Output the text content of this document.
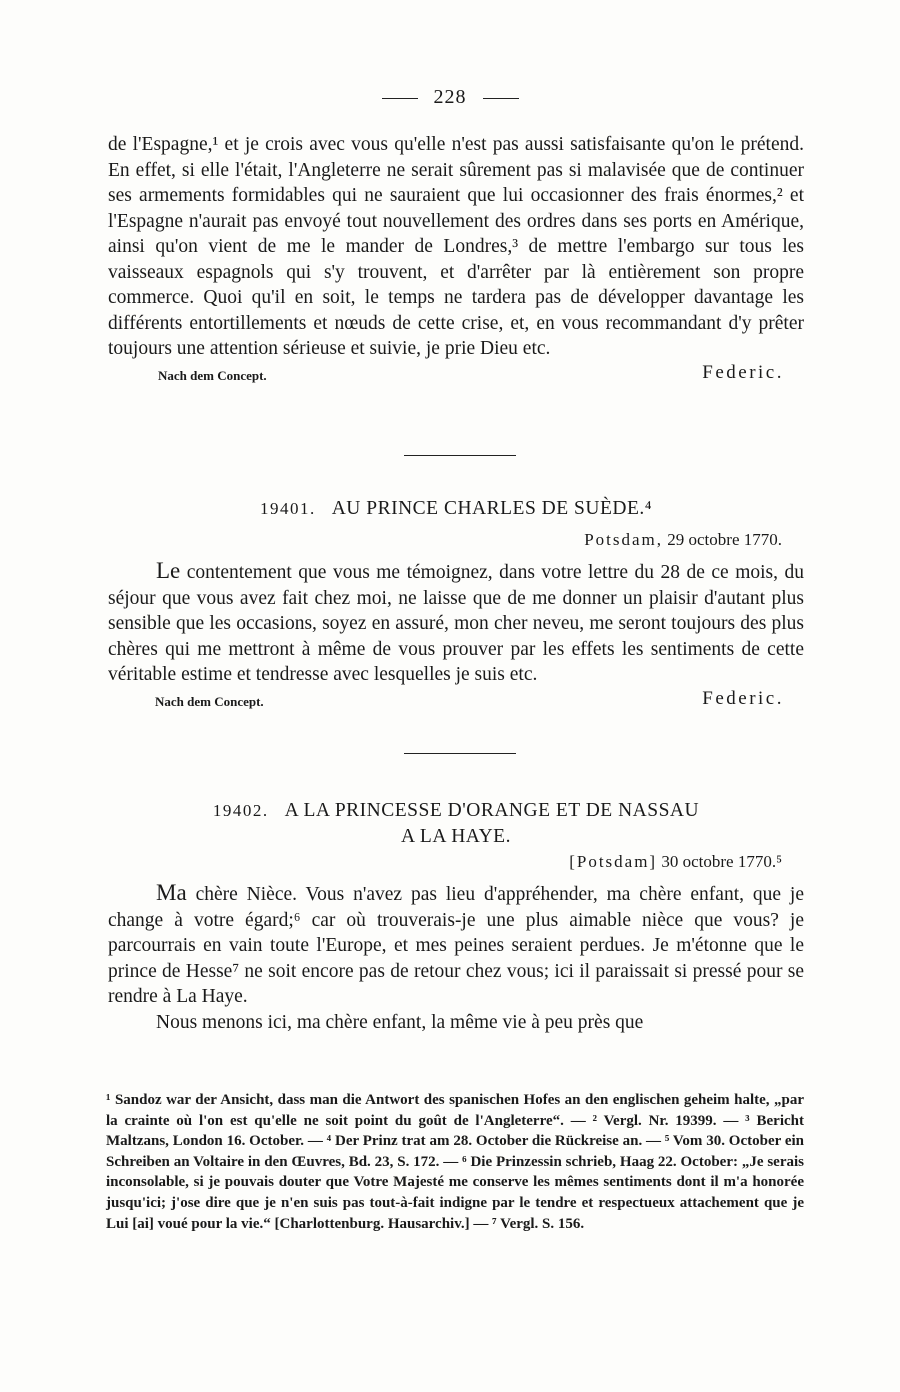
228

de l'Espagne,¹ et je crois avec vous qu'elle n'est pas aussi satisfaisante qu'on le prétend. En effet, si elle l'était, l'Angleterre ne serait sûrement pas si malavisée que de continuer ses armements formidables qui ne sauraient que lui occasionner des frais énormes,² et l'Espagne n'aurait pas envoyé tout nouvellement des ordres dans ses ports en Amérique, ainsi qu'on vient de me le mander de Londres,³ de mettre l'embargo sur tous les vaisseaux espagnols qui s'y trouvent, et d'arrêter par là entièrement son propre commerce. Quoi qu'il en soit, le temps ne tardera pas de développer davantage les différents entortillements et nœuds de cette crise, et, en vous recommandant d'y prêter toujours une attention sérieuse et suivie, je prie Dieu etc.

Nach dem Concept.	Federic.
19401. AU PRINCE CHARLES DE SUÈDE.⁴
Potsdam, 29 octobre 1770.

Le contentement que vous me témoignez, dans votre lettre du 28 de ce mois, du séjour que vous avez fait chez moi, ne laisse que de me donner un plaisir d'autant plus sensible que les occasions, soyez en assuré, mon cher neveu, me seront toujours des plus chères qui me mettront à même de vous prouver par les effets les sentiments de cette véritable estime et tendresse avec lesquelles je suis etc.

Nach dem Concept.	Federic.
19402. A LA PRINCESSE D'ORANGE ET DE NASSAU
A LA HAYE.
[Potsdam] 30 octobre 1770.⁵

Ma chère Nièce. Vous n'avez pas lieu d'appréhender, ma chère enfant, que je change à votre égard;⁶ car où trouverais-je une plus aimable nièce que vous? je parcourrais en vain toute l'Europe, et mes peines seraient perdues. Je m'étonne que le prince de Hesse⁷ ne soit encore pas de retour chez vous; ici il paraissait si pressé pour se rendre à La Haye.

Nous menons ici, ma chère enfant, la même vie à peu près que

¹ Sandoz war der Ansicht, dass man die Antwort des spanischen Hofes an den englischen geheim halte, „par la crainte où l'on est qu'elle ne soit point du goût de l'Angleterre“. — ² Vergl. Nr. 19399. — ³ Bericht Maltzans, London 16. October. — ⁴ Der Prinz trat am 28. October die Rückreise an. — ⁵ Vom 30. October ein Schreiben an Voltaire in den Œuvres, Bd. 23, S. 172. — ⁶ Die Prinzessin schrieb, Haag 22. October: „Je serais inconsolable, si je pouvais douter que Votre Majesté me conserve les mêmes sentiments dont il m'a honorée jusqu'ici; j'ose dire que je n'en suis pas tout-à-fait indigne par le tendre et respectueux attachement que je Lui [ai] voué pour la vie.“ [Charlottenburg. Hausarchiv.] — ⁷ Vergl. S. 156.
